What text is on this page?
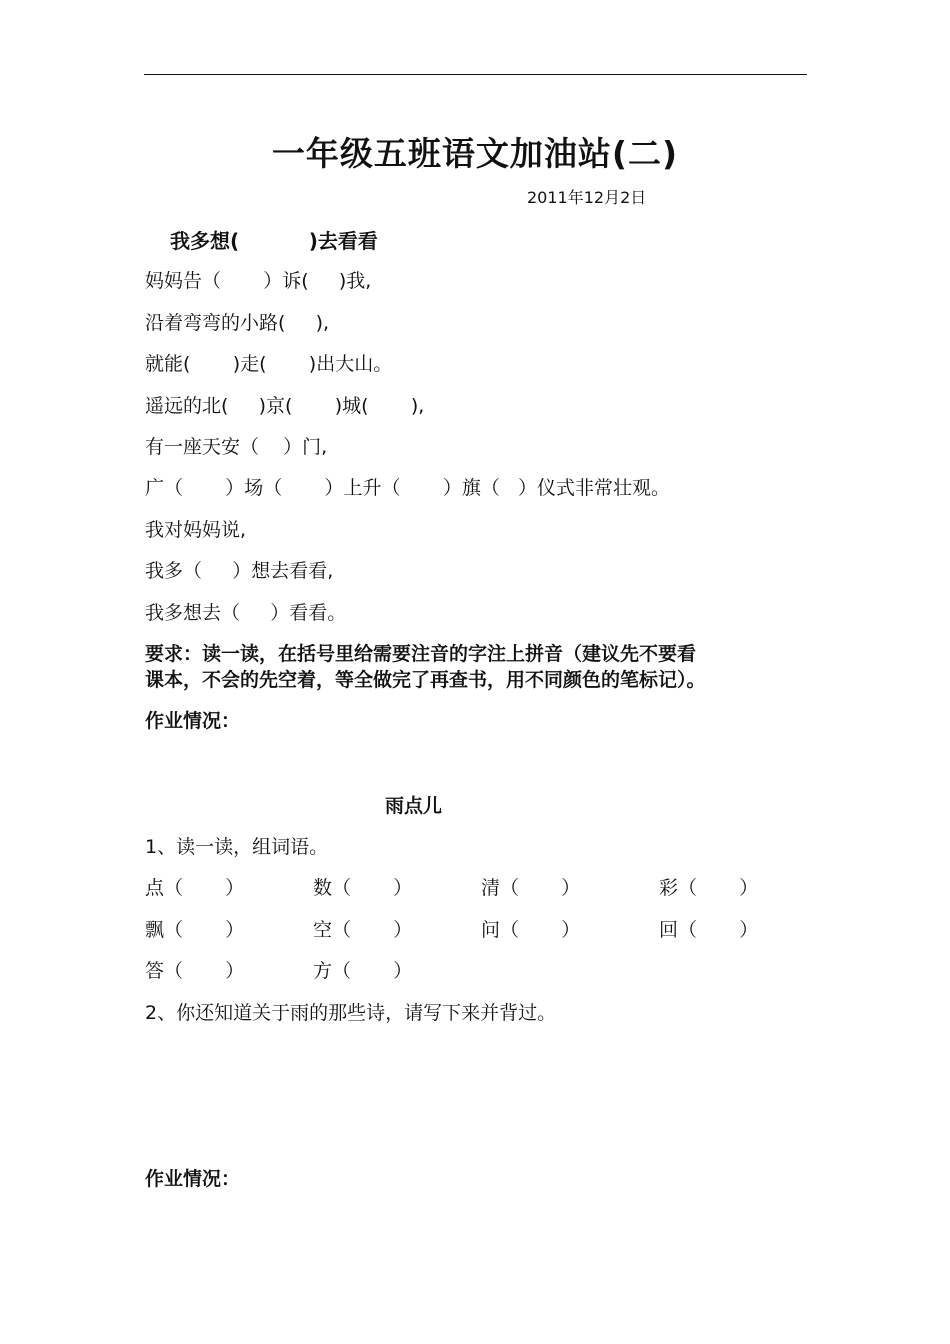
一年级五班语文加油站(二)
2011年12月2日
我多想(          )去看看
妈妈告（       ）诉(     )我,
沿着弯弯的小路(     ),
就能(       )走(       )出大山。
遥远的北(     )京(       )城(       ),
有一座天安（    ）门,
广（       ）场（       ）上升（       ）旗（   ）仪式非常壮观。
我对妈妈说,
我多（     ）想去看看,
我多想去（     ）看看。
要求：读一读，在括号里给需要注音的字注上拼音（建议先不要看
课本，不会的先空着，等全做完了再查书，用不同颜色的笔标记）。
作业情况：
雨点儿
1、读一读，组词语。
点（       ）	数（       ）	清（       ）	彩（       ）
飘（       ）	空（       ）	问（       ）	回（       ）
答（       ）	方（       ）
2、你还知道关于雨的那些诗，请写下来并背过。
作业情况：
